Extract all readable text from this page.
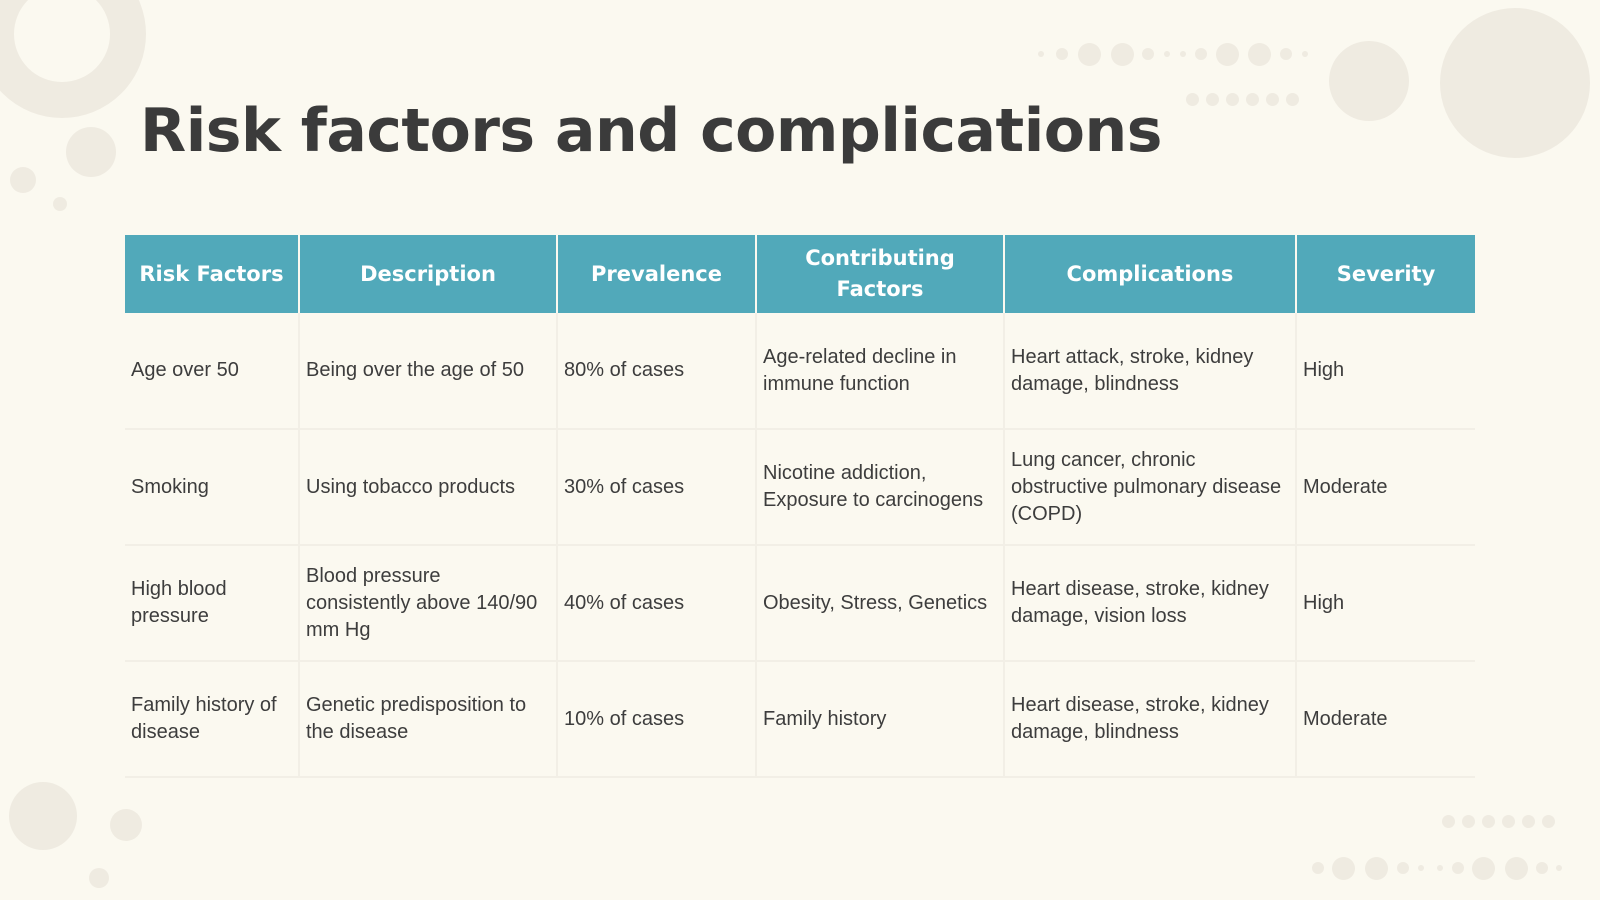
Risk factors and complications
Risk Factors	Description	Prevalence	Contributing Factors	Complications	Severity
Age over 50	Being over the age of 50	80% of cases	Age-related decline in immune function	Heart attack, stroke, kidney damage, blindness	High
Smoking	Using tobacco products	30% of cases	Nicotine addiction, Exposure to carcinogens	Lung cancer, chronic obstructive pulmonary disease (COPD)	Moderate
High blood pressure	Blood pressure consistently above 140/90 mm Hg	40% of cases	Obesity, Stress, Genetics	Heart disease, stroke, kidney damage, vision loss	High
Family history of disease	Genetic predisposition to the disease	10% of cases	Family history	Heart disease, stroke, kidney damage, blindness	Moderate
